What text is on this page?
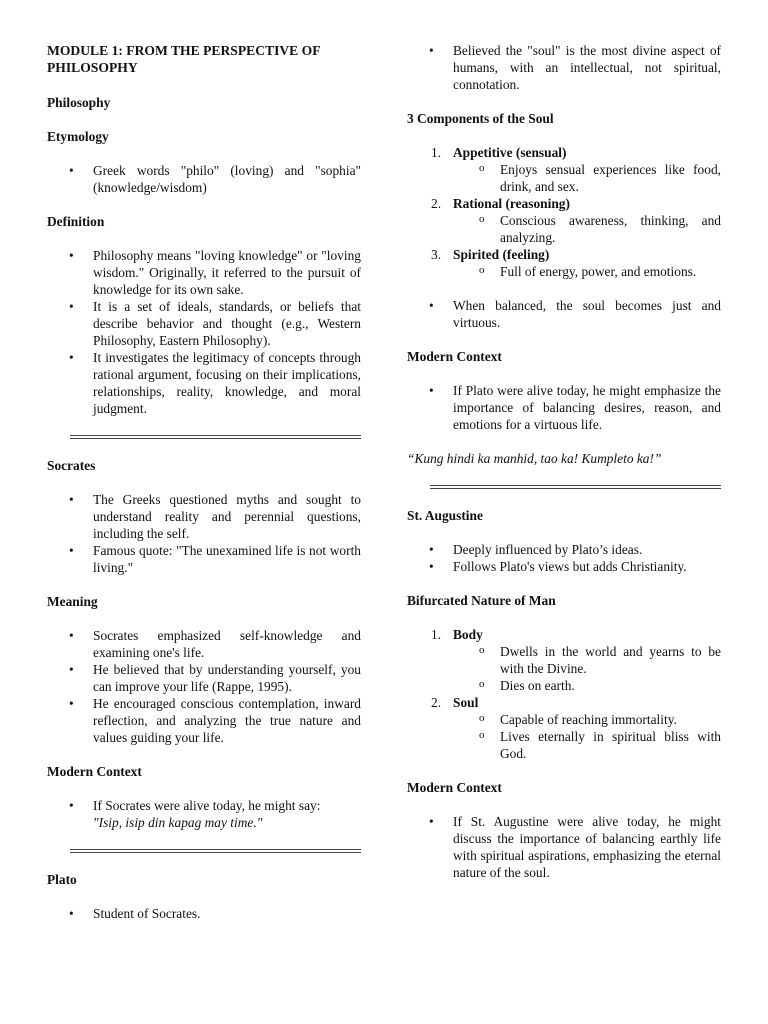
MODULE 1: FROM THE PERSPECTIVE OF PHILOSOPHY
Philosophy
Etymology
• Greek words "philo" (loving) and "sophia" (knowledge/wisdom)
Definition
• Philosophy means "loving knowledge" or "loving wisdom." Originally, it referred to the pursuit of knowledge for its own sake.
• It is a set of ideals, standards, or beliefs that describe behavior and thought (e.g., Western Philosophy, Eastern Philosophy).
• It investigates the legitimacy of concepts through rational argument, focusing on their implications, relationships, reality, knowledge, and moral judgment.
Socrates
• The Greeks questioned myths and sought to understand reality and perennial questions, including the self.
• Famous quote: "The unexamined life is not worth living."
Meaning
• Socrates emphasized self-knowledge and examining one's life.
• He believed that by understanding yourself, you can improve your life (Rappe, 1995).
• He encouraged conscious contemplation, inward reflection, and analyzing the true nature and values guiding your life.
Modern Context
• If Socrates were alive today, he might say:
"Isip, isip din kapag may time."
Plato
• Student of Socrates.
• Believed the "soul" is the most divine aspect of humans, with an intellectual, not spiritual, connotation.
3 Components of the Soul
1. Appetitive (sensual)
o Enjoys sensual experiences like food, drink, and sex.
2. Rational (reasoning)
o Conscious awareness, thinking, and analyzing.
3. Spirited (feeling)
o Full of energy, power, and emotions.
• When balanced, the soul becomes just and virtuous.
Modern Context
• If Plato were alive today, he might emphasize the importance of balancing desires, reason, and emotions for a virtuous life.

“Kung hindi ka manhid, tao ka! Kumpleto ka!”

St. Augustine
• Deeply influenced by Plato’s ideas.
• Follows Plato's views but adds Christianity.
Bifurcated Nature of Man
1. Body
o Dwells in the world and yearns to be with the Divine.
o Dies on earth.
2. Soul
o Capable of reaching immortality.
o Lives eternally in spiritual bliss with God.
Modern Context
• If St. Augustine were alive today, he might discuss the importance of balancing earthly life with spiritual aspirations, emphasizing the eternal nature of the soul.
